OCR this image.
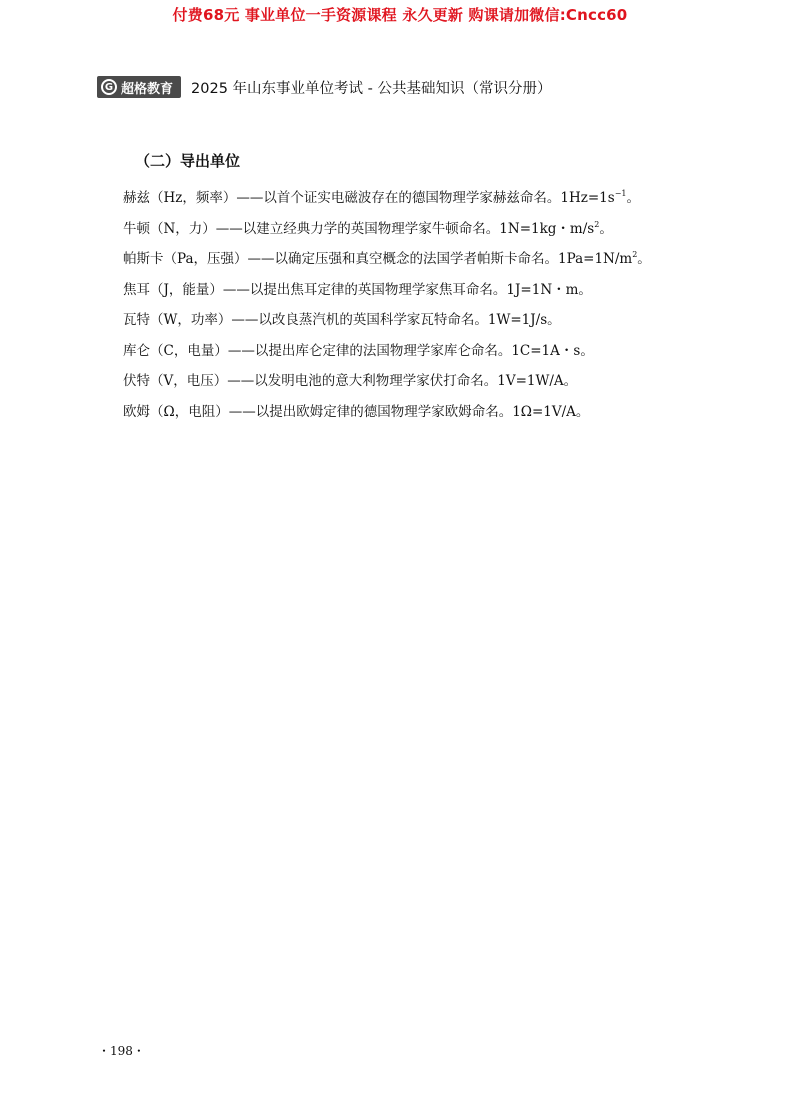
付费68元 事业单位一手资源课程 永久更新 购课请加微信:Cncc60
G 超格教育 2025 年山东事业单位考试 - 公共基础知识（常识分册）
（二）导出单位
赫兹（Hz，频率）——以首个证实电磁波存在的德国物理学家赫兹命名。$1Hz=1s^{-1}$。
牛顿（N，力）——以建立经典力学的英国物理学家牛顿命名。1N=1kg・$m/s^2$。
帕斯卡（Pa，压强）——以确定压强和真空概念的法国学者帕斯卡命名。$1Pa=1N/m^2$。
焦耳（J，能量）——以提出焦耳定律的英国物理学家焦耳命名。1J=1N・m。
瓦特（W，功率）——以改良蒸汽机的英国科学家瓦特命名。1W=1J/s。
库仑（C，电量）——以提出库仑定律的法国物理学家库仑命名。1C=1A・s。
伏特（V，电压）——以发明电池的意大利物理学家伏打命名。1V=1W/A。
欧姆（Ω，电阻）——以提出欧姆定律的德国物理学家欧姆命名。1Ω=1V/A。
・198・
